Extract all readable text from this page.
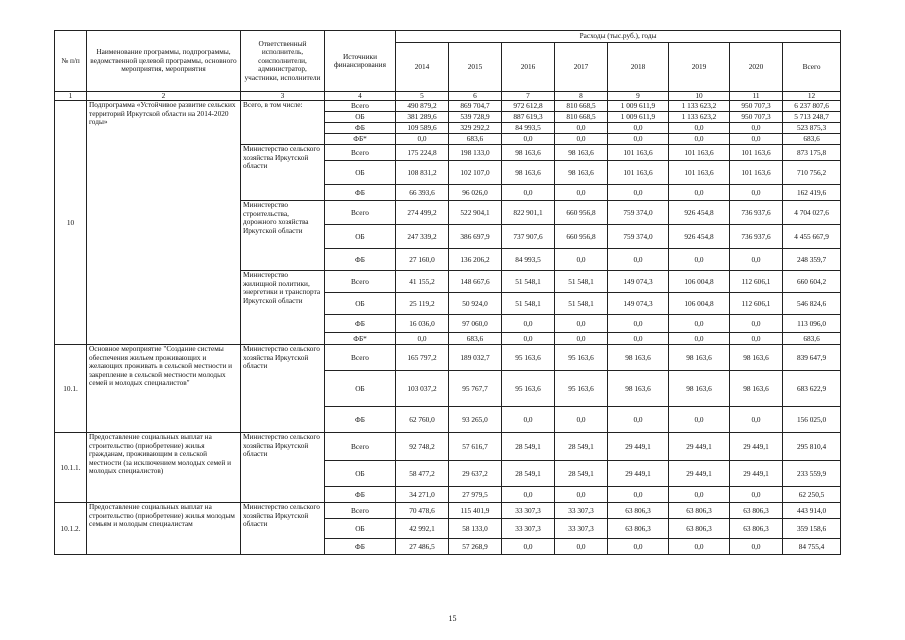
№ п/п	Наименование программы, подпрограммы, ведомственной целевой программы, основного мероприятия, мероприятия	Ответственный исполнитель, соисполнители, администратор, участники, исполнители	Источники финансирования	Расходы (тыс.руб.), годы							
				2014	2015	2016	2017	2018	2019	2020	Всего
1	2	3	4	5	6	7	8	9	10	11	12
10	Подпрограмма «Устойчивое развитие сельских территорий Иркутской области на 2014-2020 годы»	Всего, в том числе:	Всего	490 879,2	869 704,7	972 612,8	810 668,5	1 009 611,9	1 133 623,2	950 707,3	6 237 807,6
			ОБ	381 289,6	539 728,9	887 619,3	810 668,5	1 009 611,9	1 133 623,2	950 707,3	5 713 248,7
			ФБ	109 589,6	329 292,2	84 993,5	0,0	0,0	0,0	0,0	523 875,3
			ФБ*	0,0	683,6	0,0	0,0	0,0	0,0	0,0	683,6
		Министерство сельского хозяйства Иркутской области	Всего	175 224,8	198 133,0	98 163,6	98 163,6	101 163,6	101 163,6	101 163,6	873 175,8
			ОБ	108 831,2	102 107,0	98 163,6	98 163,6	101 163,6	101 163,6	101 163,6	710 756,2
			ФБ	66 393,6	96 026,0	0,0	0,0	0,0	0,0	0,0	162 419,6
		Министерство строительства, дорожного хозяйства Иркутской области	Всего	274 499,2	522 904,1	822 901,1	660 956,8	759 374,0	926 454,8	736 937,6	4 704 027,6
			ОБ	247 339,2	386 697,9	737 907,6	660 956,8	759 374,0	926 454,8	736 937,6	4 455 667,9
			ФБ	27 160,0	136 206,2	84 993,5	0,0	0,0	0,0	0,0	248 359,7
		Министерство жилищной политики, энергетики и транспорта Иркутской области	Всего	41 155,2	148 667,6	51 548,1	51 548,1	149 074,3	106 004,8	112 606,1	660 604,2
			ОБ	25 119,2	50 924,0	51 548,1	51 548,1	149 074,3	106 004,8	112 606,1	546 824,6
			ФБ	16 036,0	97 060,0	0,0	0,0	0,0	0,0	0,0	113 096,0
			ФБ*	0,0	683,6	0,0	0,0	0,0	0,0	0,0	683,6
10.1.	Основное мероприятие "Создание системы обеспечения жильем проживающих и желающих проживать в сельской местности и закрепление в сельской местности молодых семей и молодых специалистов"	Министерство сельского хозяйства Иркутской области	Всего	165 797,2	189 032,7	95 163,6	95 163,6	98 163,6	98 163,6	98 163,6	839 647,9
			ОБ	103 037,2	95 767,7	95 163,6	95 163,6	98 163,6	98 163,6	98 163,6	683 622,9
			ФБ	62 760,0	93 265,0	0,0	0,0	0,0	0,0	0,0	156 025,0
10.1.1.	Предоставление социальных выплат на строительство (приобретение) жилья гражданам, проживающим в сельской местности (за исключением молодых семей и молодых специалистов)	Министерство сельского хозяйства Иркутской области	Всего	92 748,2	57 616,7	28 549,1	28 549,1	29 449,1	29 449,1	29 449,1	295 810,4
			ОБ	58 477,2	29 637,2	28 549,1	28 549,1	29 449,1	29 449,1	29 449,1	233 559,9
			ФБ	34 271,0	27 979,5	0,0	0,0	0,0	0,0	0,0	62 250,5
10.1.2.	Предоставление социальных выплат на строительство (приобретение) жилья молодым семьям и молодым специалистам	Министерство сельского хозяйства Иркутской области	Всего	70 478,6	115 401,9	33 307,3	33 307,3	63 806,3	63 806,3	63 806,3	443 914,0
			ОБ	42 992,1	58 133,0	33 307,3	33 307,3	63 806,3	63 806,3	63 806,3	359 158,6
			ФБ	27 486,5	57 268,9	0,0	0,0	0,0	0,0	0,0	84 755,4
15
